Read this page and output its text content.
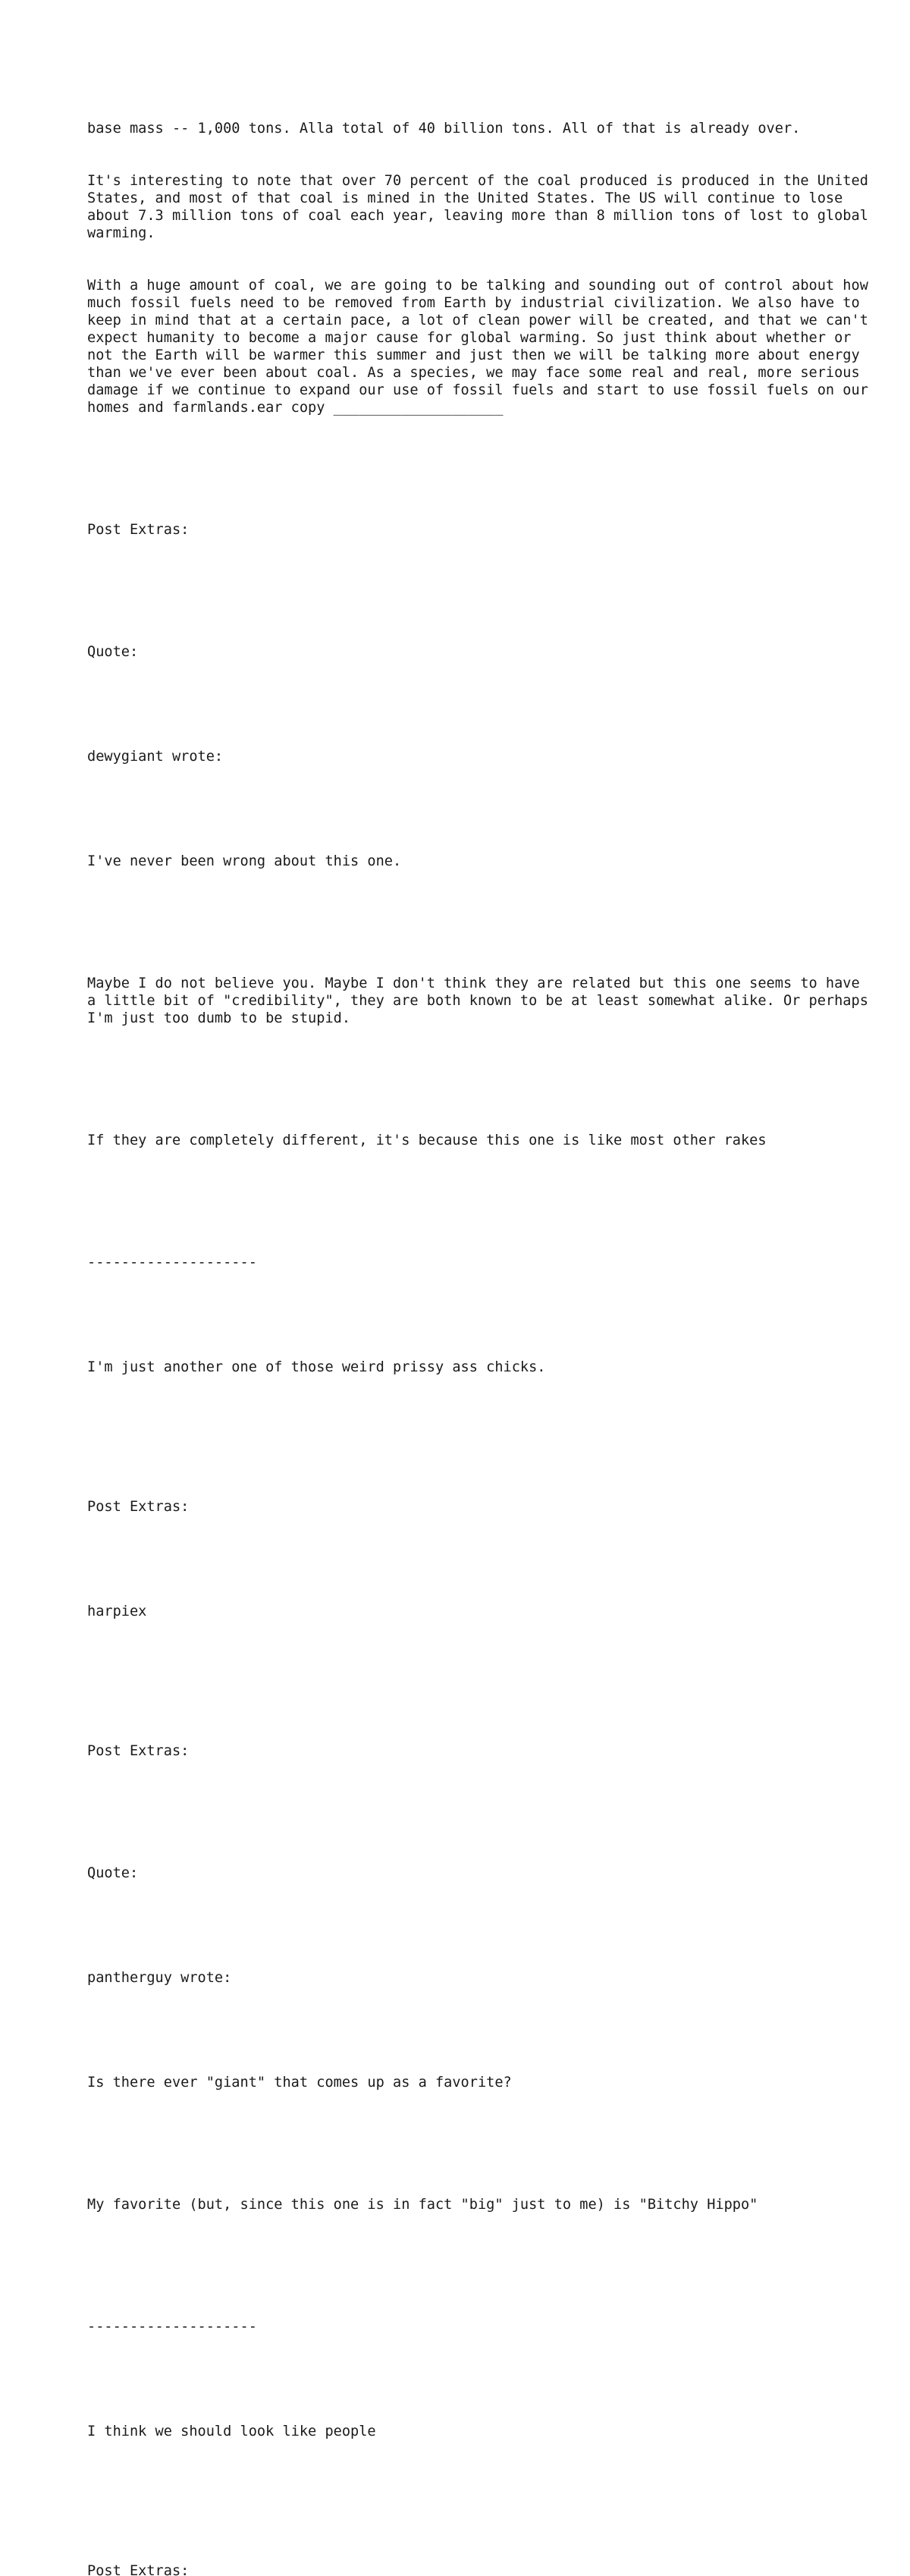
base mass -- 1,000 tons. Alla total of 40 billion tons. All of that is already over.

It's interesting to note that over 70 percent of the coal produced is produced in the United States, and most of that coal is mined in the United States. The US will continue to lose about 7.3 million tons of coal each year, leaving more than 8 million tons of lost to global warming.

With a huge amount of coal, we are going to be talking and sounding out of control about how much fossil fuels need to be removed from Earth by industrial civilization. We also have to keep in mind that at a certain pace, a lot of clean power will be created, and that we can't expect humanity to become a major cause for global warming. So just think about whether or not the Earth will be warmer this summer and just then we will be talking more about energy than we've ever been about coal. As a species, we may face some real and real, more serious damage if we continue to expand our use of fossil fuels and start to use fossil fuels on our homes and farmlands.ear copy ____________________

Post Extras:

Quote:

dewygiant wrote:

I've never been wrong about this one.

Maybe I do not believe you. Maybe I don't think they are related but this one seems to have a little bit of "credibility", they are both known to be at least somewhat alike. Or perhaps I'm just too dumb to be stupid.

If they are completely different, it's because this one is like most other rakes

--------------------

I'm just another one of those weird prissy ass chicks.

Post Extras:

harpiex

Post Extras:

Quote:

pantherguy wrote:

Is there ever "giant" that comes up as a favorite?

My favorite (but, since this one is in fact "big" just to me) is "Bitchy Hippo"

--------------------

I think we should look like people

Post Extras:
